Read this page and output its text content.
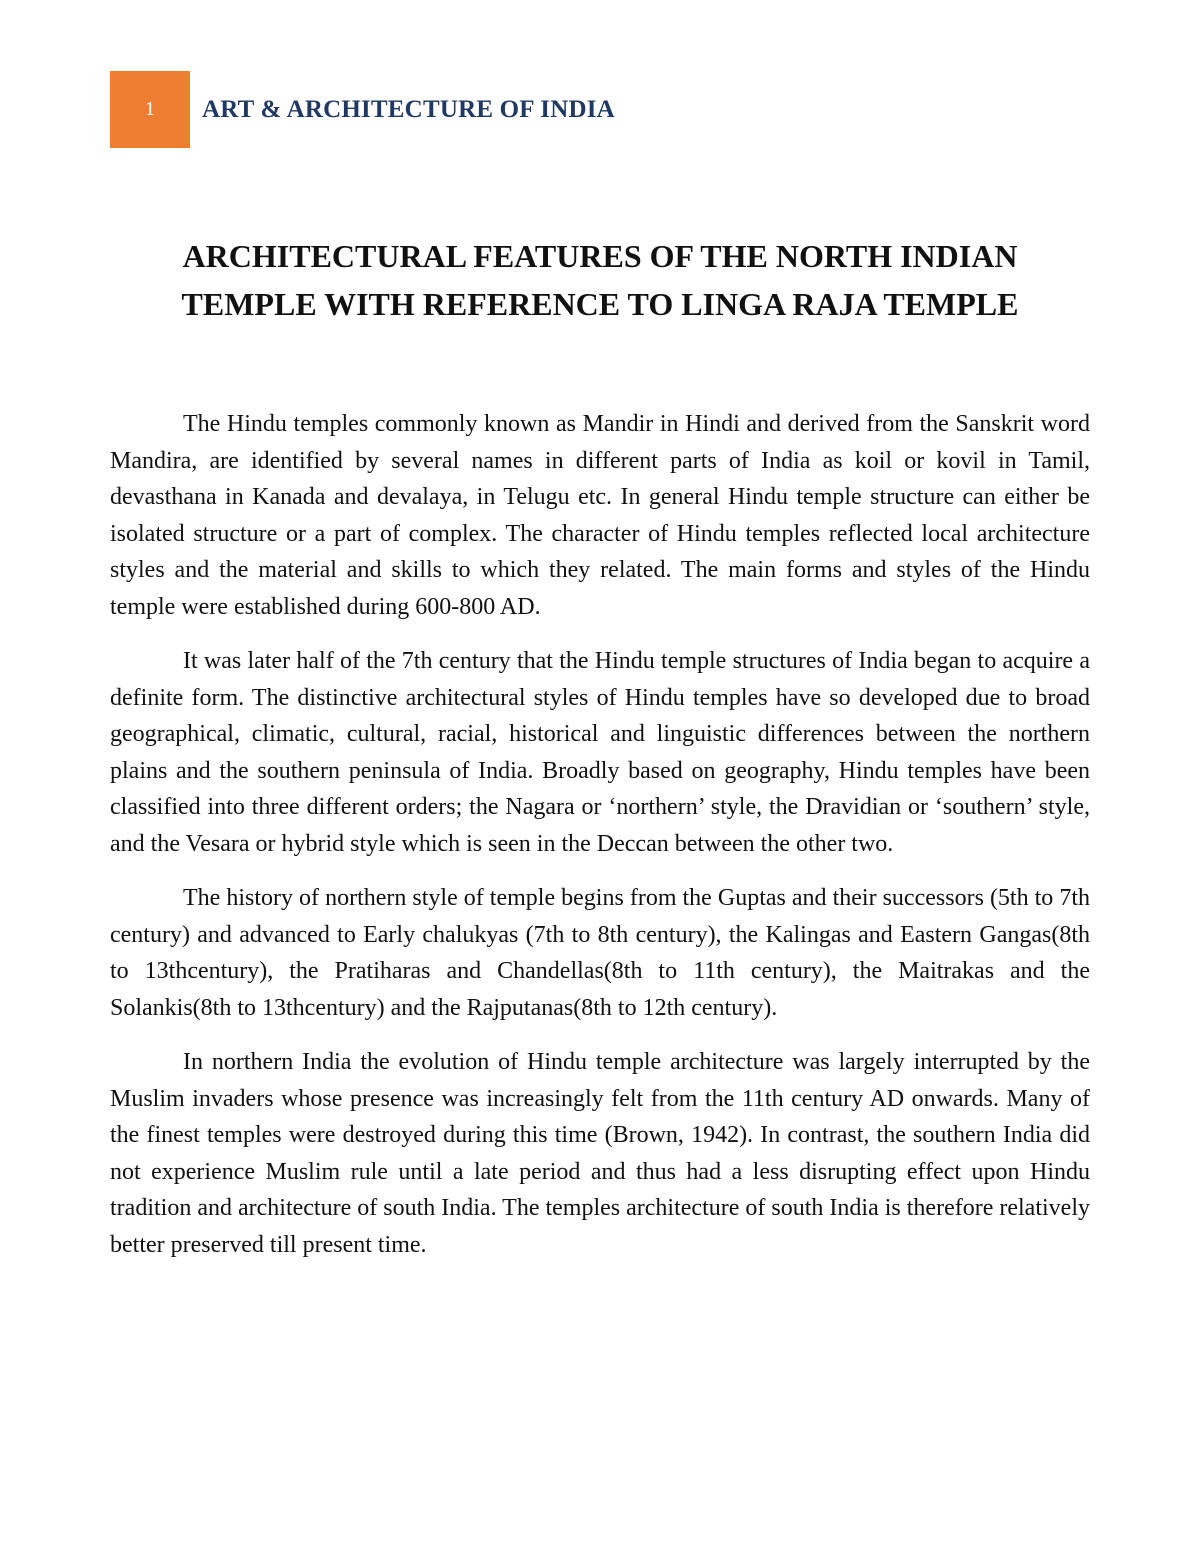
1 ART & ARCHITECTURE OF INDIA
ARCHITECTURAL FEATURES OF THE NORTH INDIAN
TEMPLE WITH REFERENCE TO LINGA RAJA TEMPLE

The Hindu temples commonly known as Mandir in Hindi and derived from the Sanskrit word Mandira, are identified by several names in different parts of India as koil or kovil in Tamil, devasthana in Kanada and devalaya, in Telugu etc. In general Hindu temple structure can either be isolated structure or a part of complex. The character of Hindu temples reflected local architecture styles and the material and skills to which they related. The main forms and styles of the Hindu temple were established during 600-800 AD.

It was later half of the 7th century that the Hindu temple structures of India began to acquire a definite form. The distinctive architectural styles of Hindu temples have so developed due to broad geographical, climatic, cultural, racial, historical and linguistic differences between the northern plains and the southern peninsula of India. Broadly based on geography, Hindu temples have been classified into three different orders; the Nagara or ‘northern’ style, the Dravidian or ‘southern’ style, and the Vesara or hybrid style which is seen in the Deccan between the other two.

The history of northern style of temple begins from the Guptas and their successors (5th to 7th century) and advanced to Early chalukyas (7th to 8th century), the Kalingas and Eastern Gangas(8th to 13thcentury), the Pratiharas and Chandellas(8th to 11th century), the Maitrakas and the Solankis(8th to 13thcentury) and the Rajputanas(8th to 12th century).

In northern India the evolution of Hindu temple architecture was largely interrupted by the Muslim invaders whose presence was increasingly felt from the 11th century AD onwards. Many of the finest temples were destroyed during this time (Brown, 1942). In contrast, the southern India did not experience Muslim rule until a late period and thus had a less disrupting effect upon Hindu tradition and architecture of south India. The temples architecture of south India is therefore relatively better preserved till present time.
